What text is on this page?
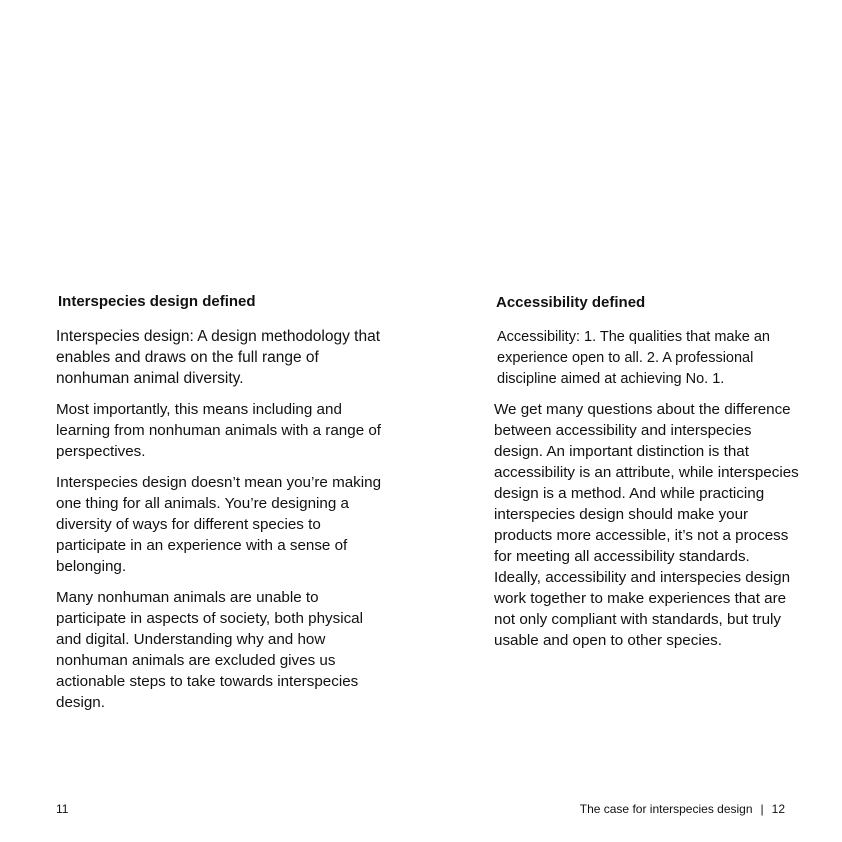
Interspecies design defined
Interspecies design: A design methodology that enables and draws on the full range of nonhuman animal diversity.
Most importantly, this means including and learning from nonhuman animals with a range of perspectives.
Interspecies design doesn’t mean you’re making one thing for all animals. You’re designing a diversity of ways for different species to participate in an experience with a sense of belonging.
Many nonhuman animals are unable to participate in aspects of society, both physical and digital. Understanding why and how nonhuman animals are excluded gives us actionable steps to take towards interspecies design.
Accessibility defined
Accessibility: 1. The qualities that make an experience open to all. 2. A professional discipline aimed at achieving No. 1.
We get many questions about the difference between accessibility and interspecies design. An important distinction is that accessibility is an attribute, while interspecies design is a method. And while practicing interspecies design should make your products more accessible, it’s not a process for meeting all accessibility standards. Ideally, accessibility and interspecies design work together to make experiences that are not only compliant with standards, but truly usable and open to other species.
11	The case for interspecies design | 12
